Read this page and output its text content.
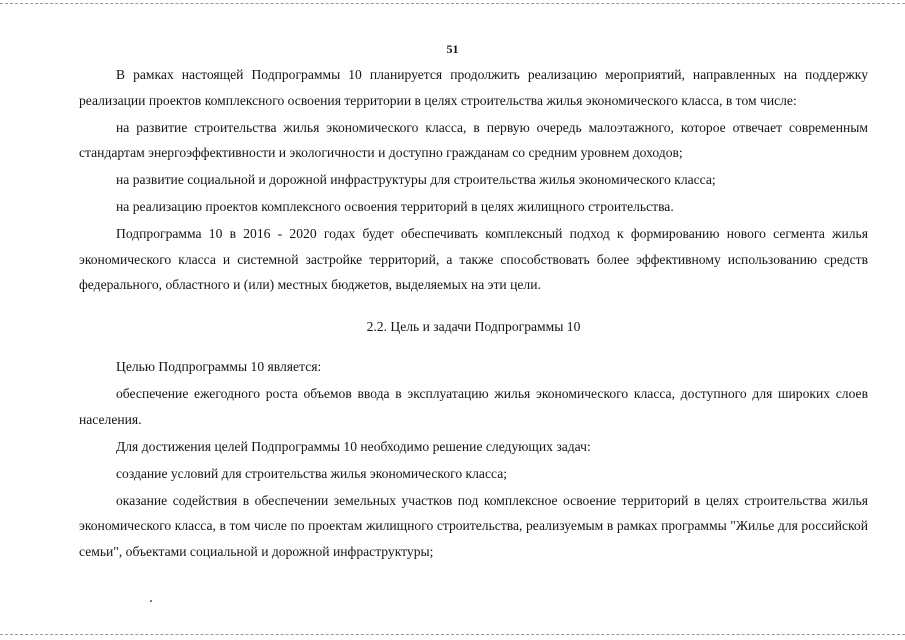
51

В рамках настоящей Подпрограммы 10 планируется продолжить реализацию мероприятий, направленных на поддержку реализации проектов комплексного освоения территории в целях строительства жилья экономического класса, в том числе:

на развитие строительства жилья экономического класса, в первую очередь малоэтажного, которое отвечает современным стандартам энергоэффективности и экологичности и доступно гражданам со средним уровнем доходов;

на развитие социальной и дорожной инфраструктуры для строительства жилья экономического класса;

на реализацию проектов комплексного освоения территорий в целях жилищного строительства.

Подпрограмма 10 в 2016 - 2020 годах будет обеспечивать комплексный подход к формированию нового сегмента жилья экономического класса и системной застройке территорий, а также способствовать более эффективному использованию средств федерального, областного и (или) местных бюджетов, выделяемых на эти цели.

2.2. Цель и задачи Подпрограммы 10

Целью Подпрограммы 10 является:

обеспечение ежегодного роста объемов ввода в эксплуатацию жилья экономического класса, доступного для широких слоев населения.

Для достижения целей Подпрограммы 10 необходимо решение следующих задач:

создание условий для строительства жилья экономического класса;

оказание содействия в обеспечении земельных участков под комплексное освоение территорий в целях строительства жилья экономического класса, в том числе по проектам жилищного строительства, реализуемым в рамках программы "Жилье для российской семьи", объектами социальной и дорожной инфраструктуры;
